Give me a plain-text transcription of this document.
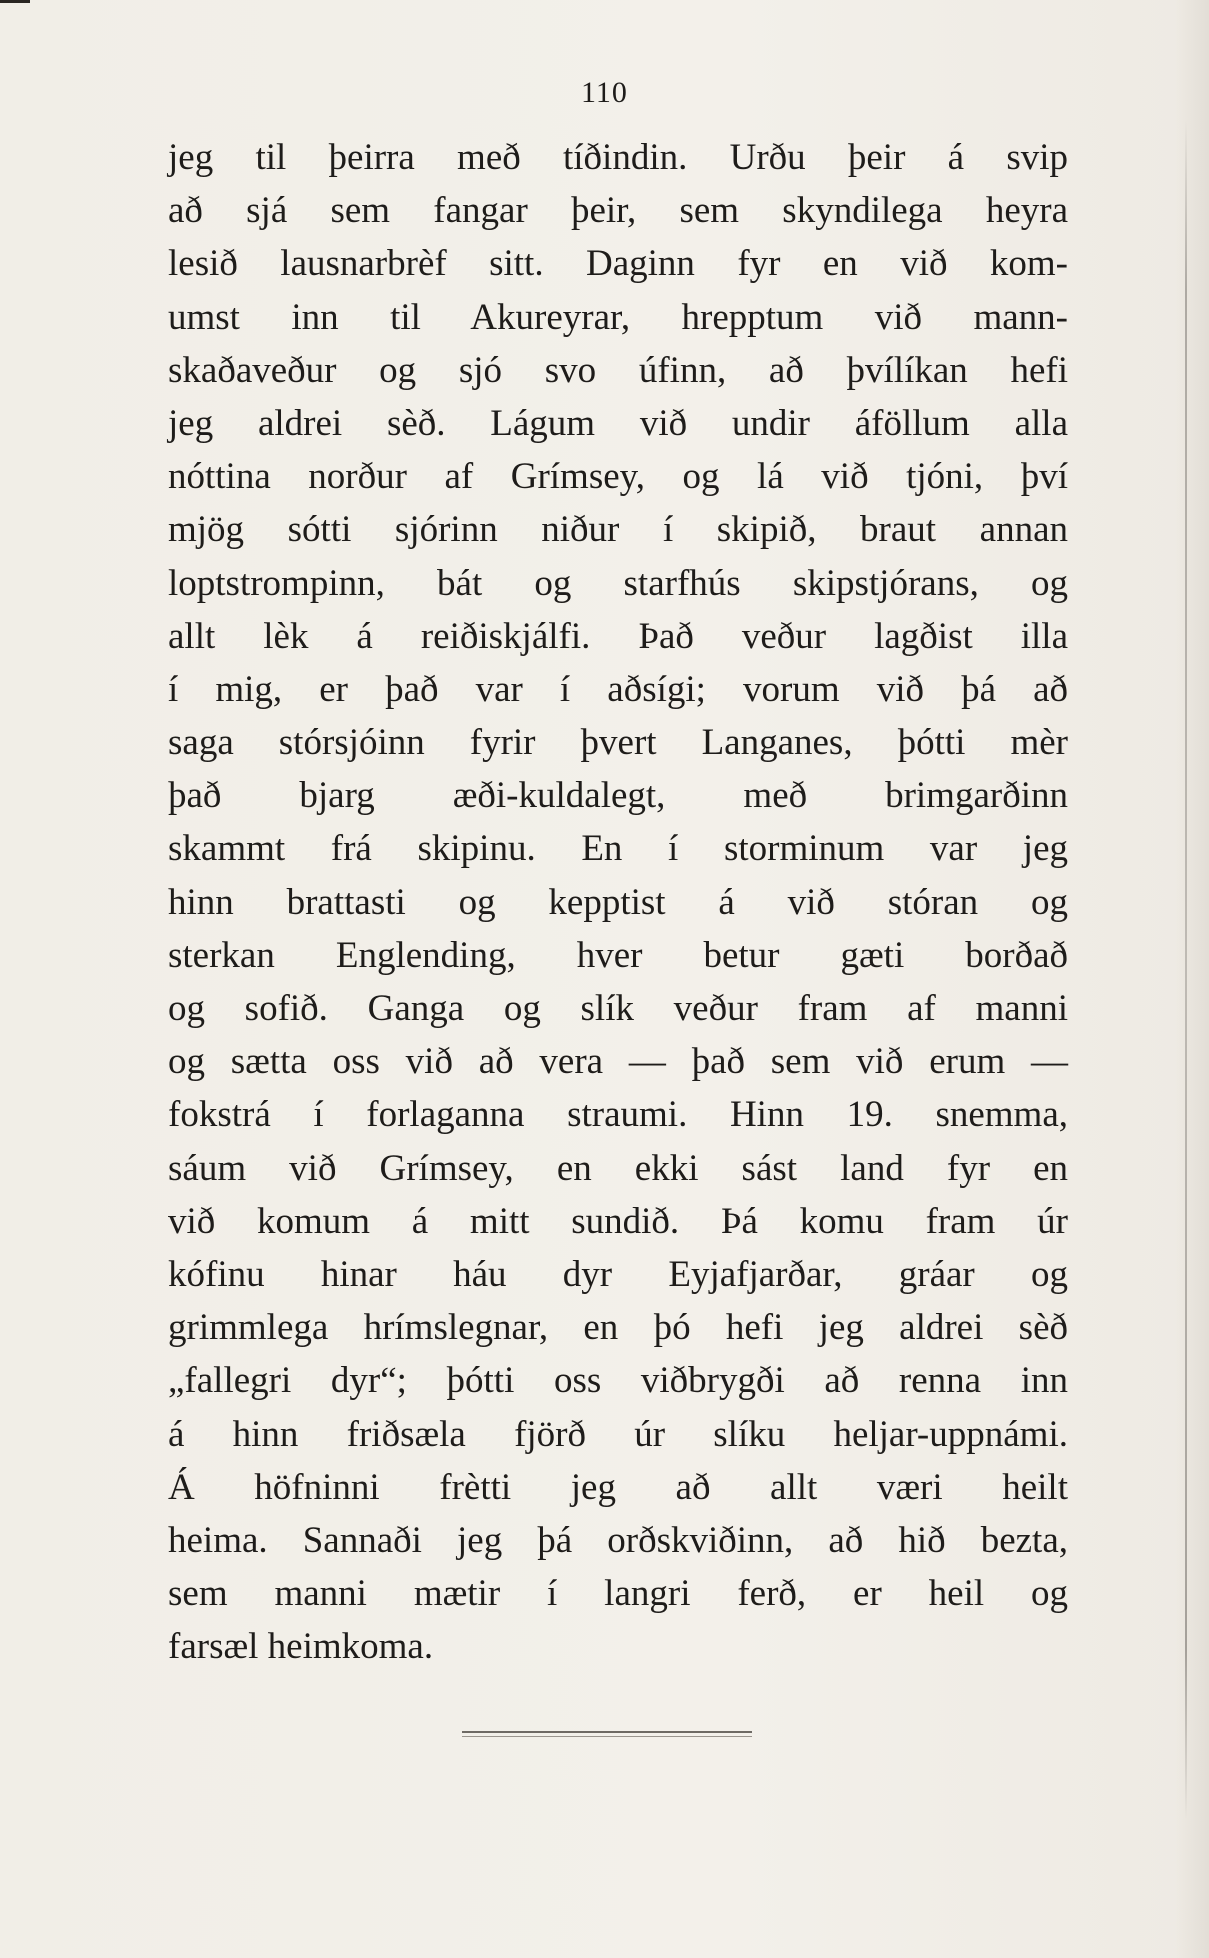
110
jeg til þeirra með tíðindin. Urðu þeir á svip
að sjá sem fangar þeir, sem skyndilega heyra
lesið lausnarbrèf sitt. Daginn fyr en við kom-
umst inn til Akureyrar, hrepptum við mann-
skaðaveður og sjó svo úfinn, að þvílíkan hefi
jeg aldrei sèð. Lágum við undir áföllum alla
nóttina norður af Grímsey, og lá við tjóni, því
mjög sótti sjórinn niður í skipið, braut annan
loptstrompinn, bát og starfhús skipstjórans, og
allt lèk á reiðiskjálfi. Það veður lagðist illa
í mig, er það var í aðsígi; vorum við þá að
saga stórsjóinn fyrir þvert Langanes, þótti mèr
það bjarg æði-kuldalegt, með brimgarðinn
skammt frá skipinu. En í storminum var jeg
hinn brattasti og kepptist á við stóran og
sterkan Englending, hver betur gæti borðað
og sofið. Ganga og slík veður fram af manni
og sætta oss við að vera — það sem við erum —
fokstrá í forlaganna straumi. Hinn 19. snemma,
sáum við Grímsey, en ekki sást land fyr en
við komum á mitt sundið. Þá komu fram úr
kófinu hinar háu dyr Eyjafjarðar, gráar og
grimmlega hrímslegnar, en þó hefi jeg aldrei sèð
„fallegri dyr“; þótti oss viðbrygði að renna inn
á hinn friðsæla fjörð úr slíku heljar-uppnámi.
Á höfninni frètti jeg að allt væri heilt
heima. Sannaði jeg þá orðskviðinn, að hið bezta,
sem manni mætir í langri ferð, er heil og
farsæl heimkoma.
